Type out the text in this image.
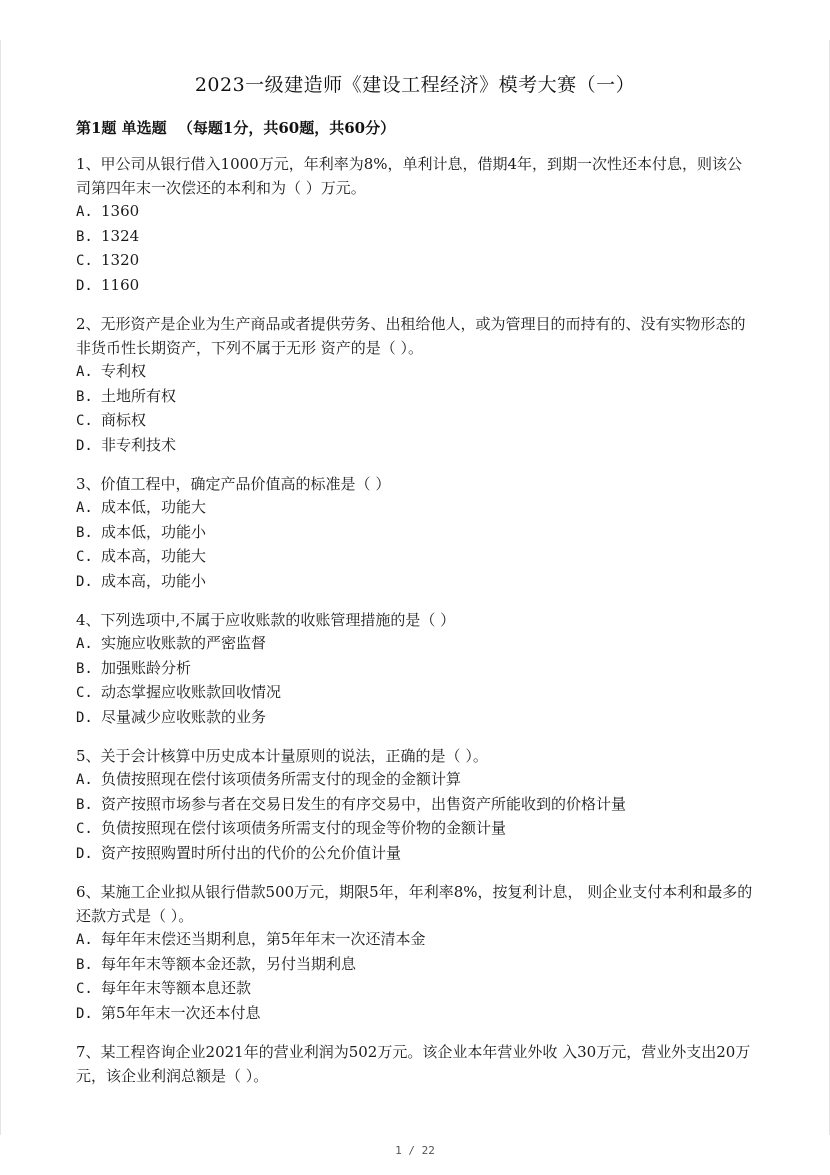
2023一级建造师《建设工程经济》模考大赛（一）
第1题 单选题 （每题1分，共60题，共60分）
1、甲公司从银行借入1000万元，年利率为8%，单利计息，借期4年，到期一次性还本付息，则该公司第四年末一次偿还的本利和为（ ）万元。
A. 1360
B. 1324
C. 1320
D. 1160
2、无形资产是企业为生产商品或者提供劳务、出租给他人，或为管理目的而持有的、没有实物形态的非货币性长期资产，下列不属于无形 资产的是（ ）。
A. 专利权
B. 土地所有权
C. 商标权
D. 非专利技术
3、价值工程中，确定产品价值高的标准是（ ）
A. 成本低，功能大
B. 成本低，功能小
C. 成本高，功能大
D. 成本高，功能小
4、下列选项中,不属于应收账款的收账管理措施的是（ ）
A. 实施应收账款的严密监督
B. 加强账龄分析
C. 动态掌握应收账款回收情况
D. 尽量减少应收账款的业务
5、关于会计核算中历史成本计量原则的说法，正确的是（ ）。
A. 负债按照现在偿付该项债务所需支付的现金的金额计算
B. 资产按照市场参与者在交易日发生的有序交易中，出售资产所能收到的价格计量
C. 负债按照现在偿付该项债务所需支付的现金等价物的金额计量
D. 资产按照购置时所付出的代价的公允价值计量
6、某施工企业拟从银行借款500万元，期限5年，年利率8%，按复利计息， 则企业支付本利和最多的还款方式是（ ）。
A. 每年年末偿还当期利息，第5年年末一次还清本金
B. 每年年末等额本金还款，另付当期利息
C. 每年年末等额本息还款
D. 第5年年末一次还本付息
7、某工程咨询企业2021年的营业利润为502万元。该企业本年营业外收 入30万元，营业外支出20万元，该企业利润总额是（ ）。
1 / 22
